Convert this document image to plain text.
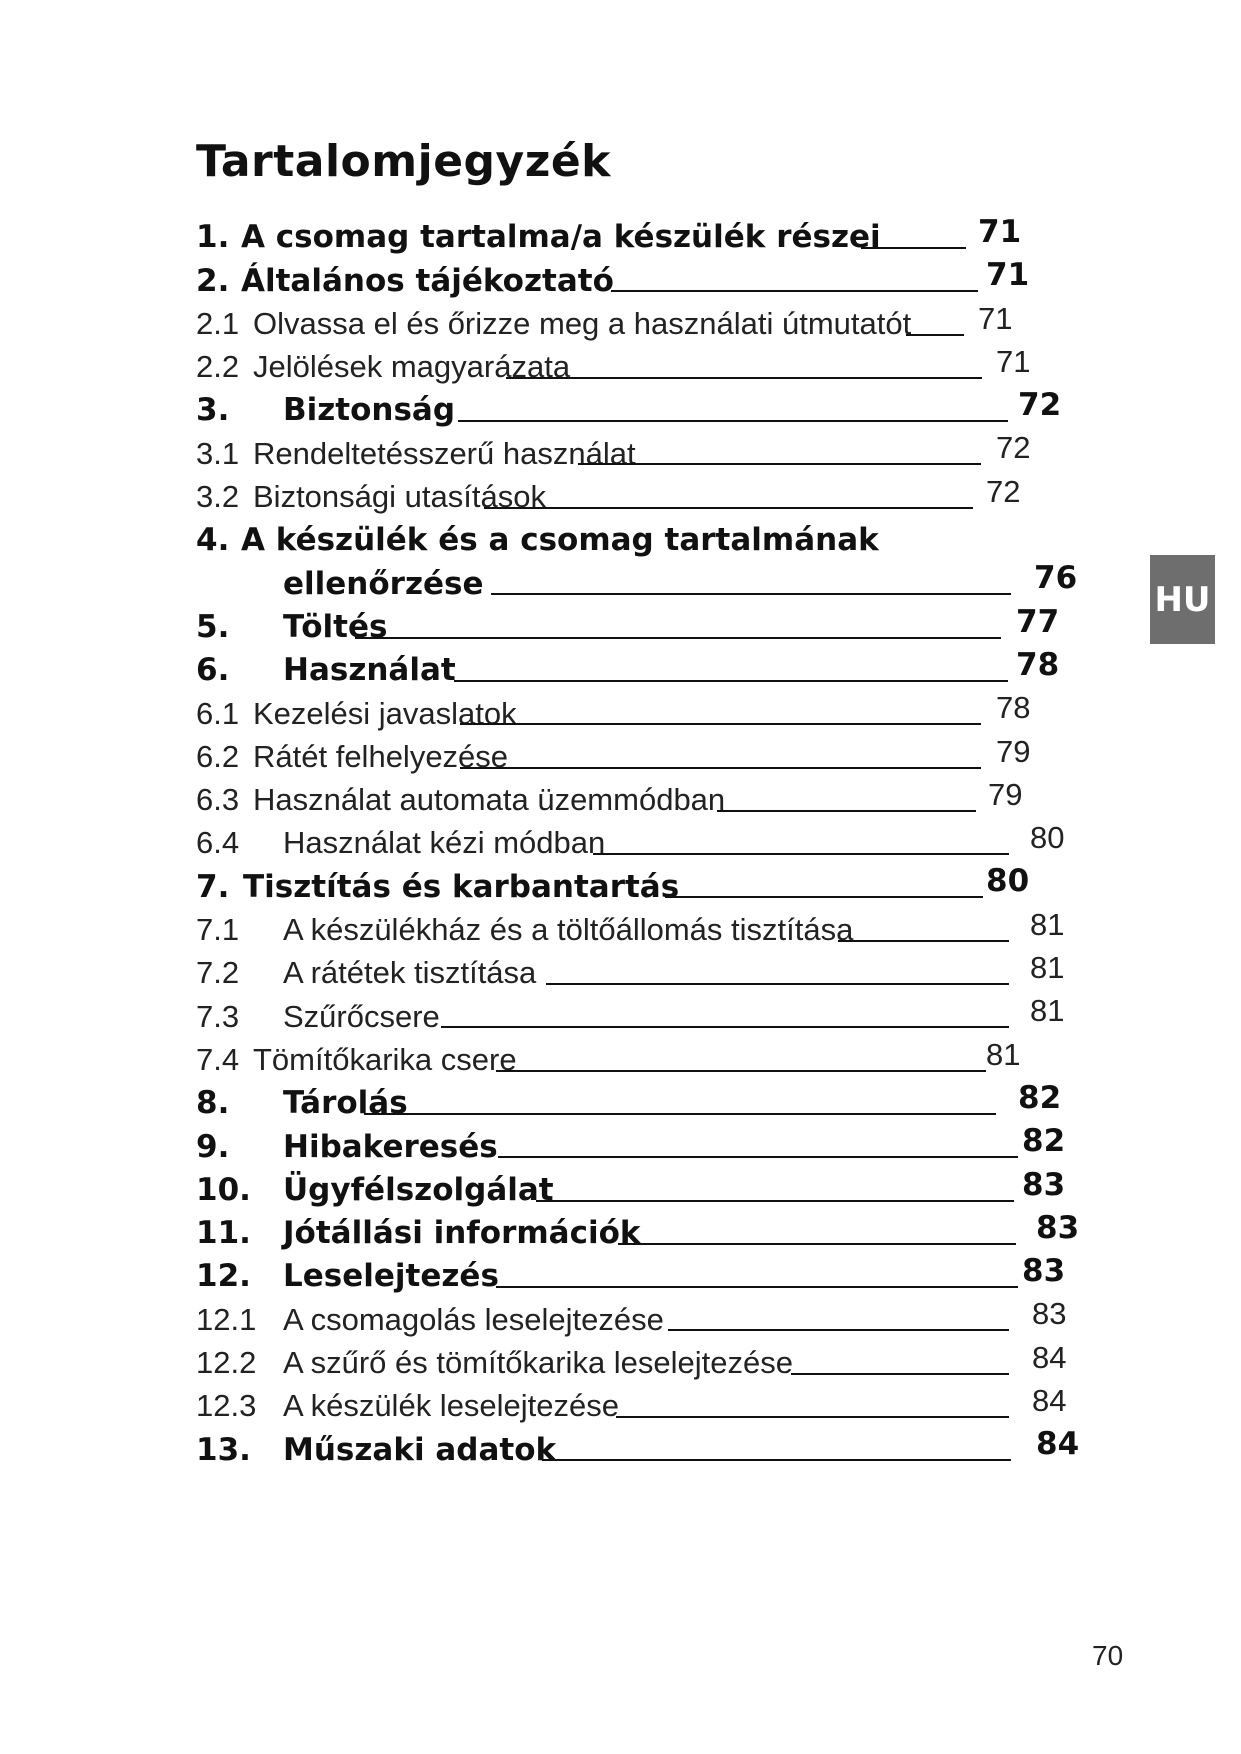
Tartalomjegyzék
1. A csomag tartalma/a készülék részei	71
2. Általános tájékoztató	71
2.1 Olvassa el és őrizze meg a használati útmutatót 71
2.2 Jelölések magyarázata	71
3.	Biztonság	72
3.1 Rendeltetésszerű használat	72
3.2 Biztonsági utasítások	72
4. A készülék és a csomag tartalmának
ellenőrzése	76
5.	Töltés	77
6.	Használat	78
6.1 Kezelési javaslatok	78
6.2 Rátét felhelyezése	79
6.3 Használat automata üzemmódban	79
6.4	Használat kézi módban	80
7. Tisztítás és karbantartás	80
7.1	A készülékház és a töltőállomás tisztítása	81
7.2	A rátétek tisztítása	81
7.3	Szűrőcsere	81
7.4 Tömítőkarika csere	81
8.	Tárolás	82
9.	Hibakeresés	82
10.	Ügyfélszolgálat	83
11.	Jótállási információk	83
12.	Leselejtezés	83
12.1 A csomagolás leselejtezése	83
12.2 A szűrő és tömítőkarika leselejtezése	84
12.3 A készülék leselejtezése	84
13.	Műszaki adatok	84
HU
70
